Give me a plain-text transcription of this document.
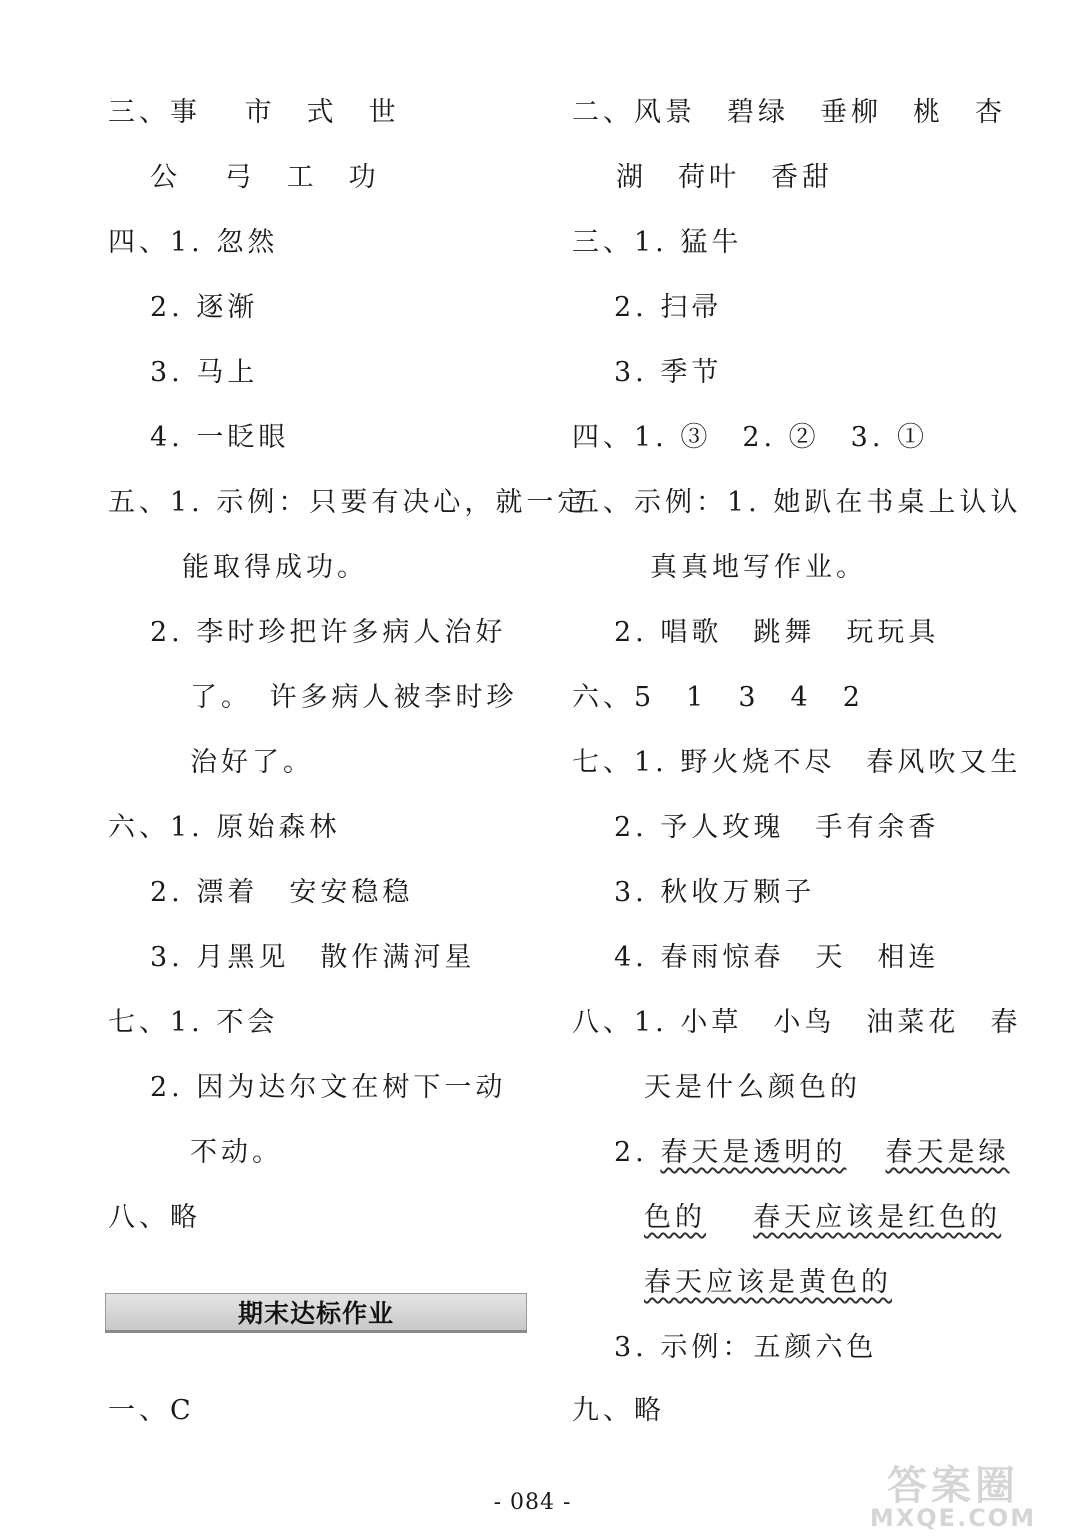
三、事　 市　式　世
公　 弓　工　功
四、1. 忽然
2. 逐渐
3. 马上
4. 一眨眼
五、1. 示例：只要有决心，就一定
能取得成功。
2. 李时珍把许多病人治好
了。　许多病人被李时珍
治好了。
六、1. 原始森林
2. 漂着　安安稳稳
3. 月黑见　散作满河星
七、1. 不会
2. 因为达尔文在树下一动
不动。
八、略
期末达标作业
一、C
二、风景　碧绿　垂柳　桃　杏
湖　荷叶　香甜
三、1. 猛牛
2. 扫帚
3. 季节
四、1. ③　2. ②　3. ①
五、示例：1. 她趴在书桌上认认
真真地写作业。
2. 唱歌　跳舞　玩玩具
六、5　1　3　4　2
七、1. 野火烧不尽　春风吹又生
2. 予人玫瑰　手有余香
3. 秋收万颗子
4. 春雨惊春　天　相连
八、1. 小草　小鸟　油菜花　春
天是什么颜色的
2. 春天是透明的 春天是绿
色的 春天应该是红色的
春天应该是黄色的
3. 示例：五颜六色
九、略
- 084 -	答案圈
MXQE.COM
